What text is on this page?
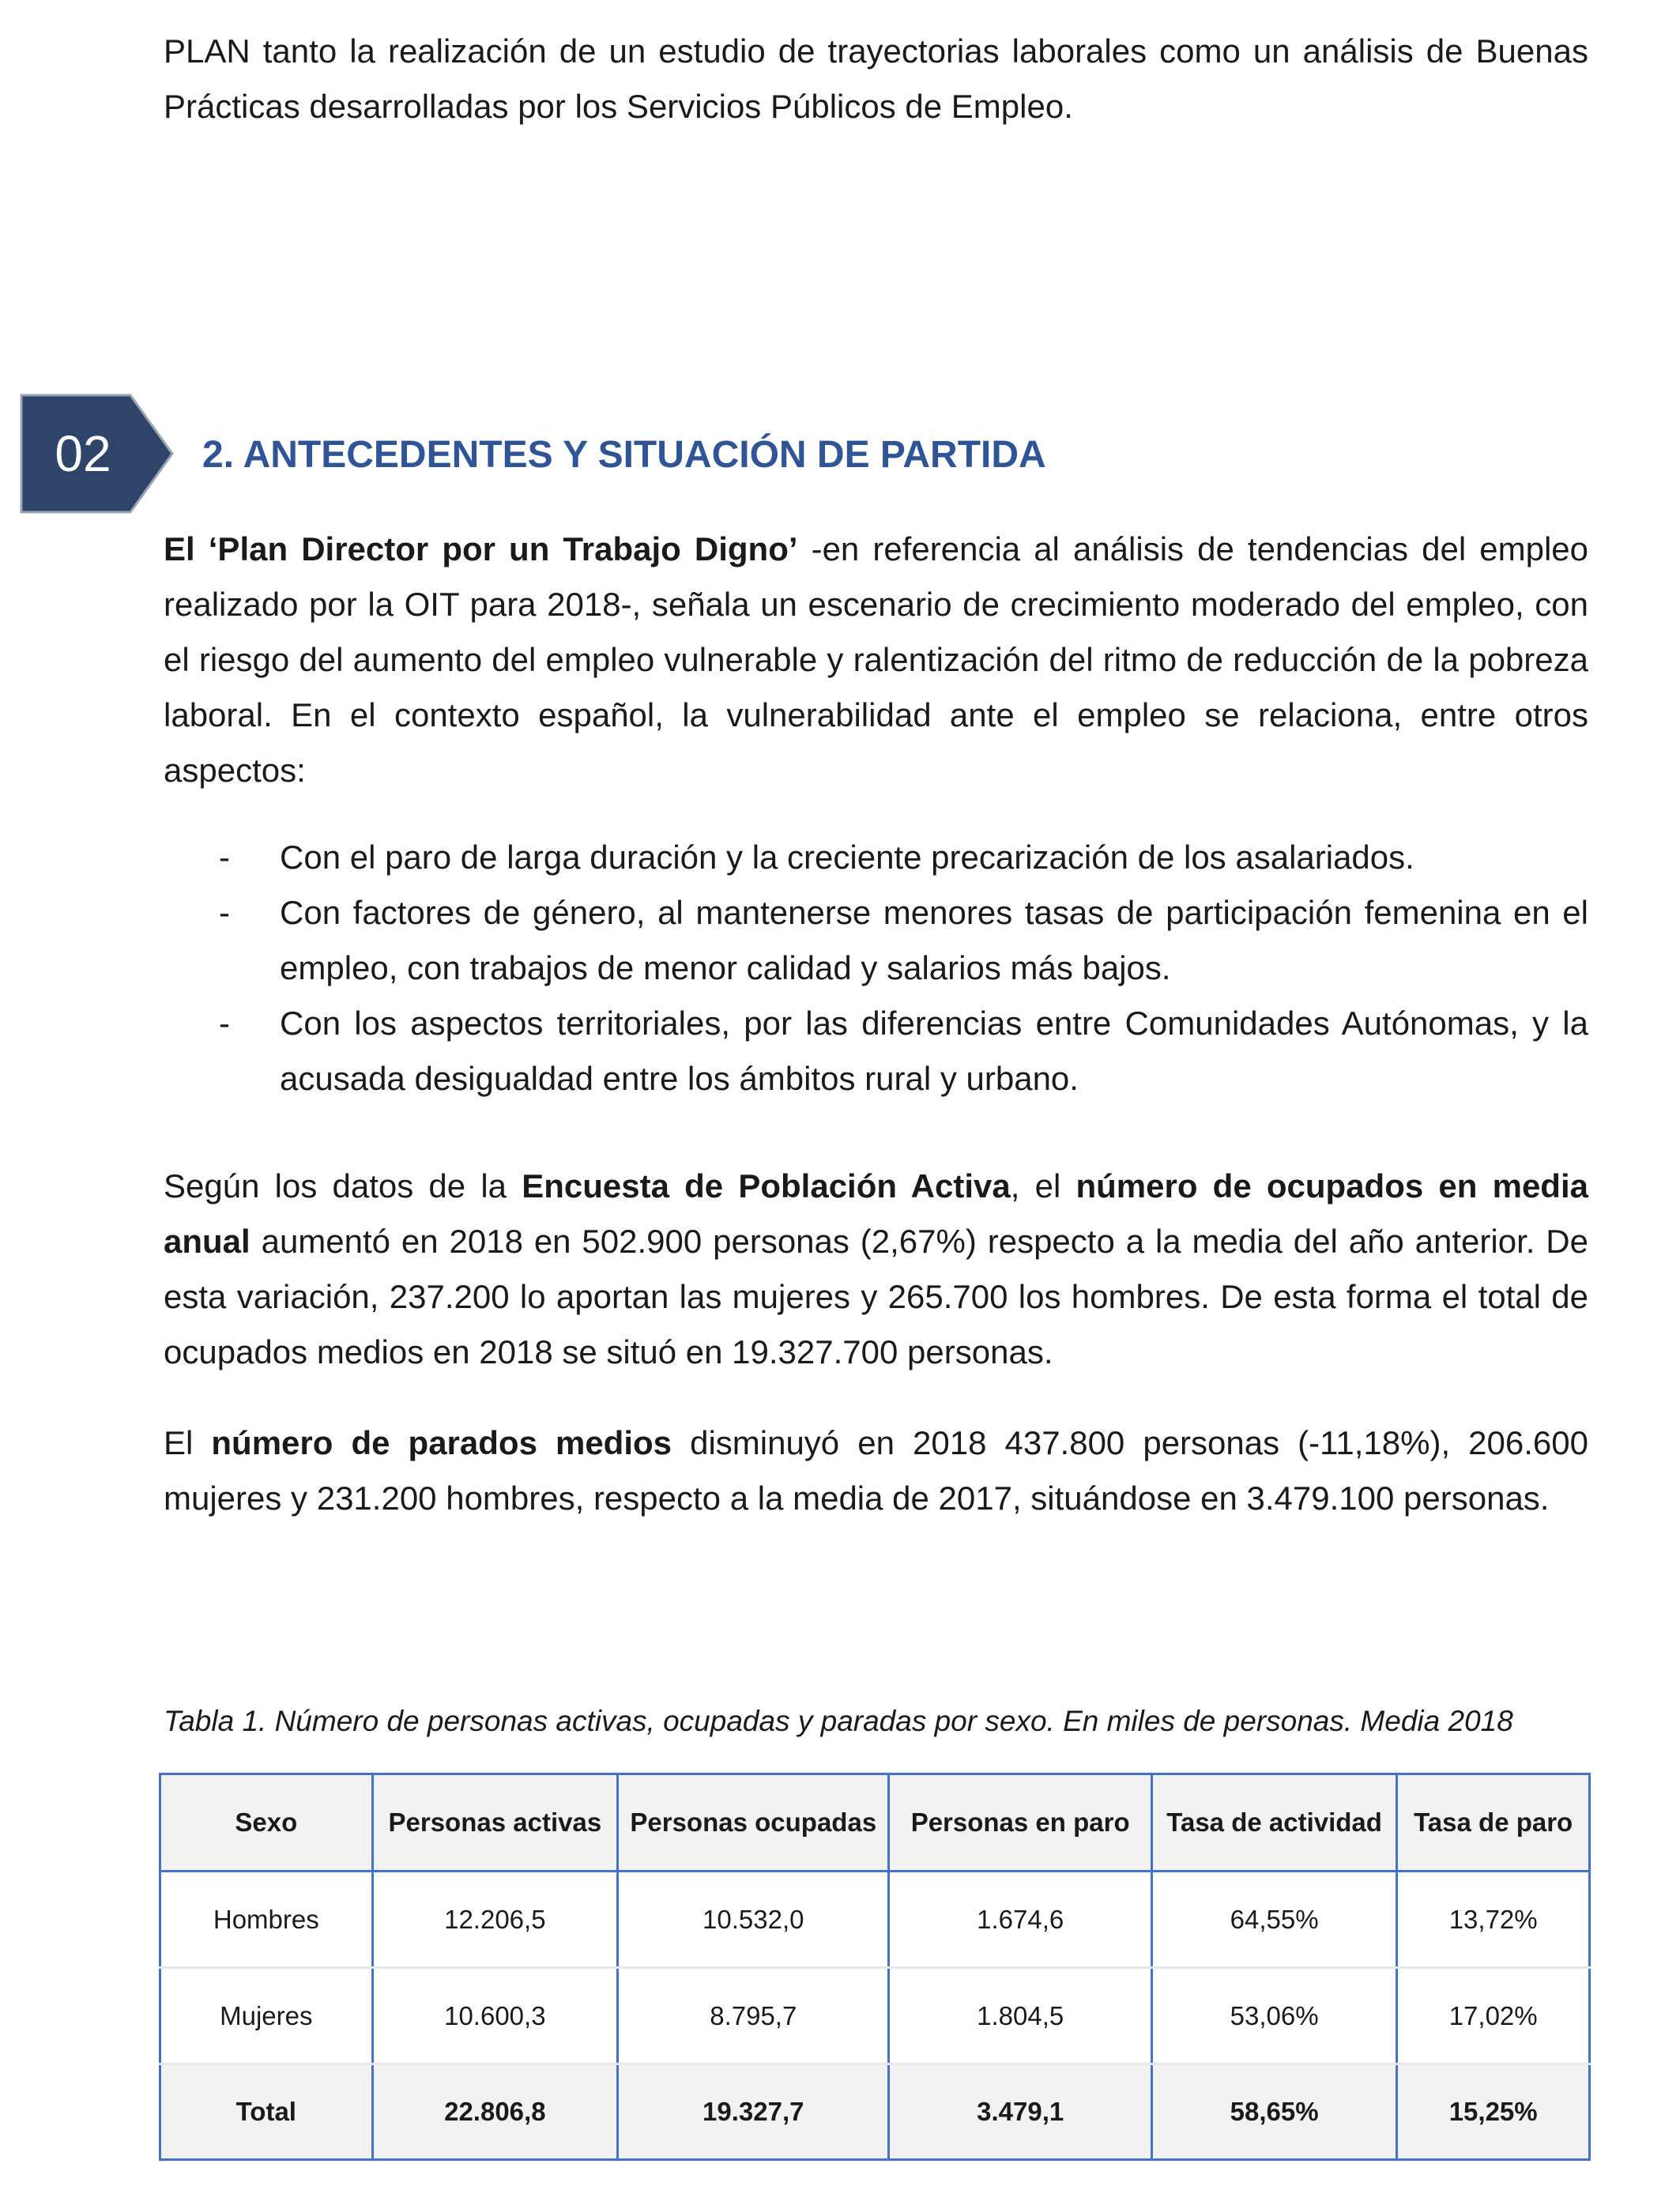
PLAN tanto la realización de un estudio de trayectorias laborales como un análisis de Buenas Prácticas desarrolladas por los Servicios Públicos de Empleo.

02	2. ANTECEDENTES Y SITUACIÓN DE PARTIDA

El ‘Plan Director por un Trabajo Digno’ -en referencia al análisis de tendencias del empleo realizado por la OIT para 2018-, señala un escenario de crecimiento moderado del empleo, con el riesgo del aumento del empleo vulnerable y ralentización del ritmo de reducción de la pobreza laboral. En el contexto español, la vulnerabilidad ante el empleo se relaciona, entre otros aspectos:

- Con el paro de larga duración y la creciente precarización de los asalariados.
- Con factores de género, al mantenerse menores tasas de participación femenina en el empleo, con trabajos de menor calidad y salarios más bajos.
- Con los aspectos territoriales, por las diferencias entre Comunidades Autónomas, y la acusada desigualdad entre los ámbitos rural y urbano.

Según los datos de la Encuesta de Población Activa, el número de ocupados en media anual aumentó en 2018 en 502.900 personas (2,67%) respecto a la media del año anterior. De esta variación, 237.200 lo aportan las mujeres y 265.700 los hombres. De esta forma el total de ocupados medios en 2018 se situó en 19.327.700 personas.

El número de parados medios disminuyó en 2018 437.800 personas (-11,18%), 206.600 mujeres y 231.200 hombres, respecto a la media de 2017, situándose en 3.479.100 personas.

Tabla 1. Número de personas activas, ocupadas y paradas por sexo. En miles de personas. Media 2018

Sexo	Personas activas	Personas ocupadas	Personas en paro	Tasa de actividad	Tasa de paro
Hombres	12.206,5	10.532,0	1.674,6	64,55%	13,72%
Mujeres	10.600,3	8.795,7	1.804,5	53,06%	17,02%
Total	22.806,8	19.327,7	3.479,1	58,65%	15,25%
